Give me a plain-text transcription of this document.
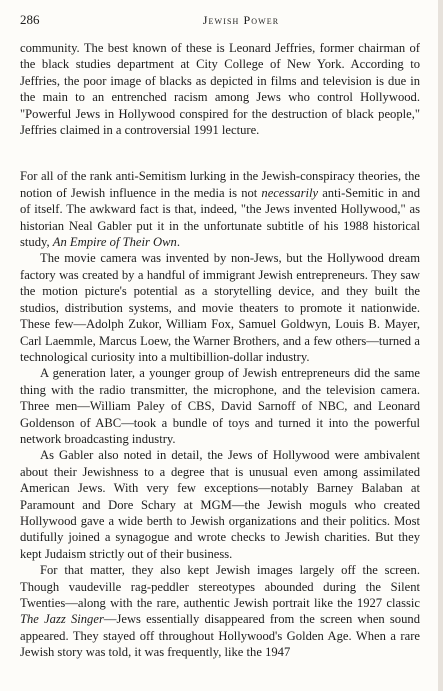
286	Jewish Power

community. The best known of these is Leonard Jeffries, former chairman of the black studies department at City College of New York. According to Jeffries, the poor image of blacks as depicted in films and television is due in the main to an entrenched racism among Jews who control Hollywood. "Powerful Jews in Hollywood conspired for the destruction of black people," Jeffries claimed in a controversial 1991 lecture.

For all of the rank anti-Semitism lurking in the Jewish-conspiracy theories, the notion of Jewish influence in the media is not necessarily anti-Semitic in and of itself. The awkward fact is that, indeed, "the Jews invented Hollywood," as historian Neal Gabler put it in the unfortunate subtitle of his 1988 historical study, An Empire of Their Own.

The movie camera was invented by non-Jews, but the Hollywood dream factory was created by a handful of immigrant Jewish entrepreneurs. They saw the motion picture's potential as a storytelling device, and they built the studios, distribution systems, and movie theaters to promote it nationwide. These few—Adolph Zukor, William Fox, Samuel Goldwyn, Louis B. Mayer, Carl Laemmle, Marcus Loew, the Warner Brothers, and a few others—turned a technological curiosity into a multibillion-dollar industry.

A generation later, a younger group of Jewish entrepreneurs did the same thing with the radio transmitter, the microphone, and the television camera. Three men—William Paley of CBS, David Sarnoff of NBC, and Leonard Goldenson of ABC—took a bundle of toys and turned it into the powerful network broadcasting industry.

As Gabler also noted in detail, the Jews of Hollywood were ambivalent about their Jewishness to a degree that is unusual even among assimilated American Jews. With very few exceptions—notably Barney Balaban at Paramount and Dore Schary at MGM—the Jewish moguls who created Hollywood gave a wide berth to Jewish organizations and their politics. Most dutifully joined a synagogue and wrote checks to Jewish charities. But they kept Judaism strictly out of their business.

For that matter, they also kept Jewish images largely off the screen. Though vaudeville rag-peddler stereotypes abounded during the Silent Twenties—along with the rare, authentic Jewish portrait like the 1927 classic The Jazz Singer—Jews essentially disappeared from the screen when sound appeared. They stayed off throughout Hollywood's Golden Age. When a rare Jewish story was told, it was frequently, like the 1947
